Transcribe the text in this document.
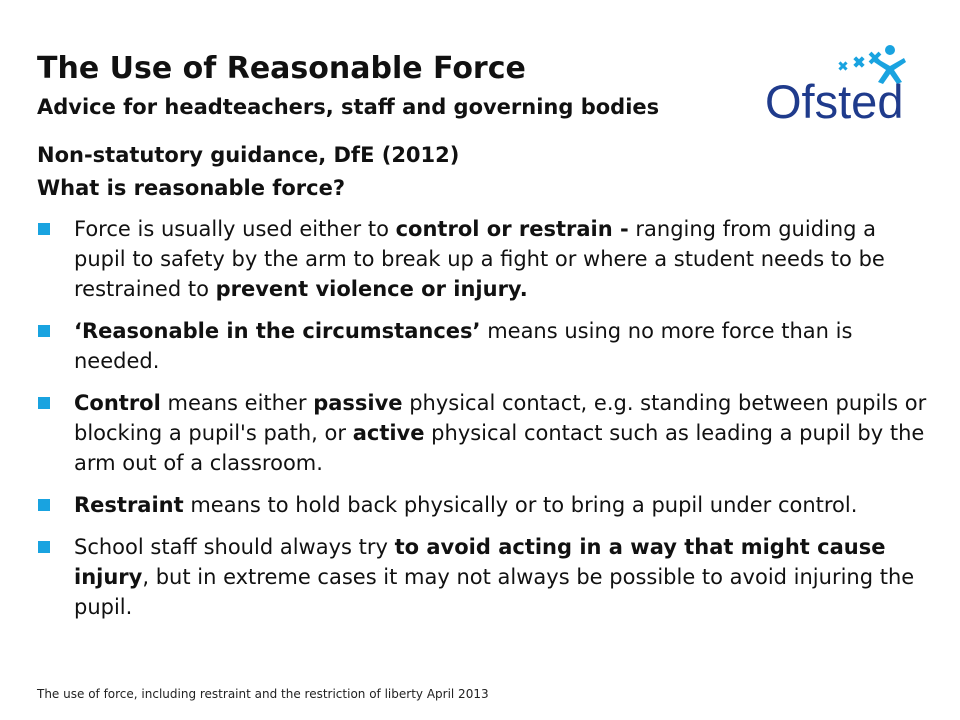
The Use of Reasonable Force
Advice for headteachers, staff and governing bodies Ofsted
Non-statutory guidance, DfE (2012)
What is reasonable force?
Force is usually used either to control or restrain - ranging from guiding a pupil to safety by the arm to break up a fight or where a student needs to be restrained to prevent violence or injury.
‘Reasonable in the circumstances’ means using no more force than is needed.
Control means either passive physical contact, e.g. standing between pupils or blocking a pupil's path, or active physical contact such as leading a pupil by the arm out of a classroom.
Restraint means to hold back physically or to bring a pupil under control.
School staff should always try to avoid acting in a way that might cause injury, but in extreme cases it may not always be possible to avoid injuring the pupil.
The use of force, including restraint and the restriction of liberty April 2013
